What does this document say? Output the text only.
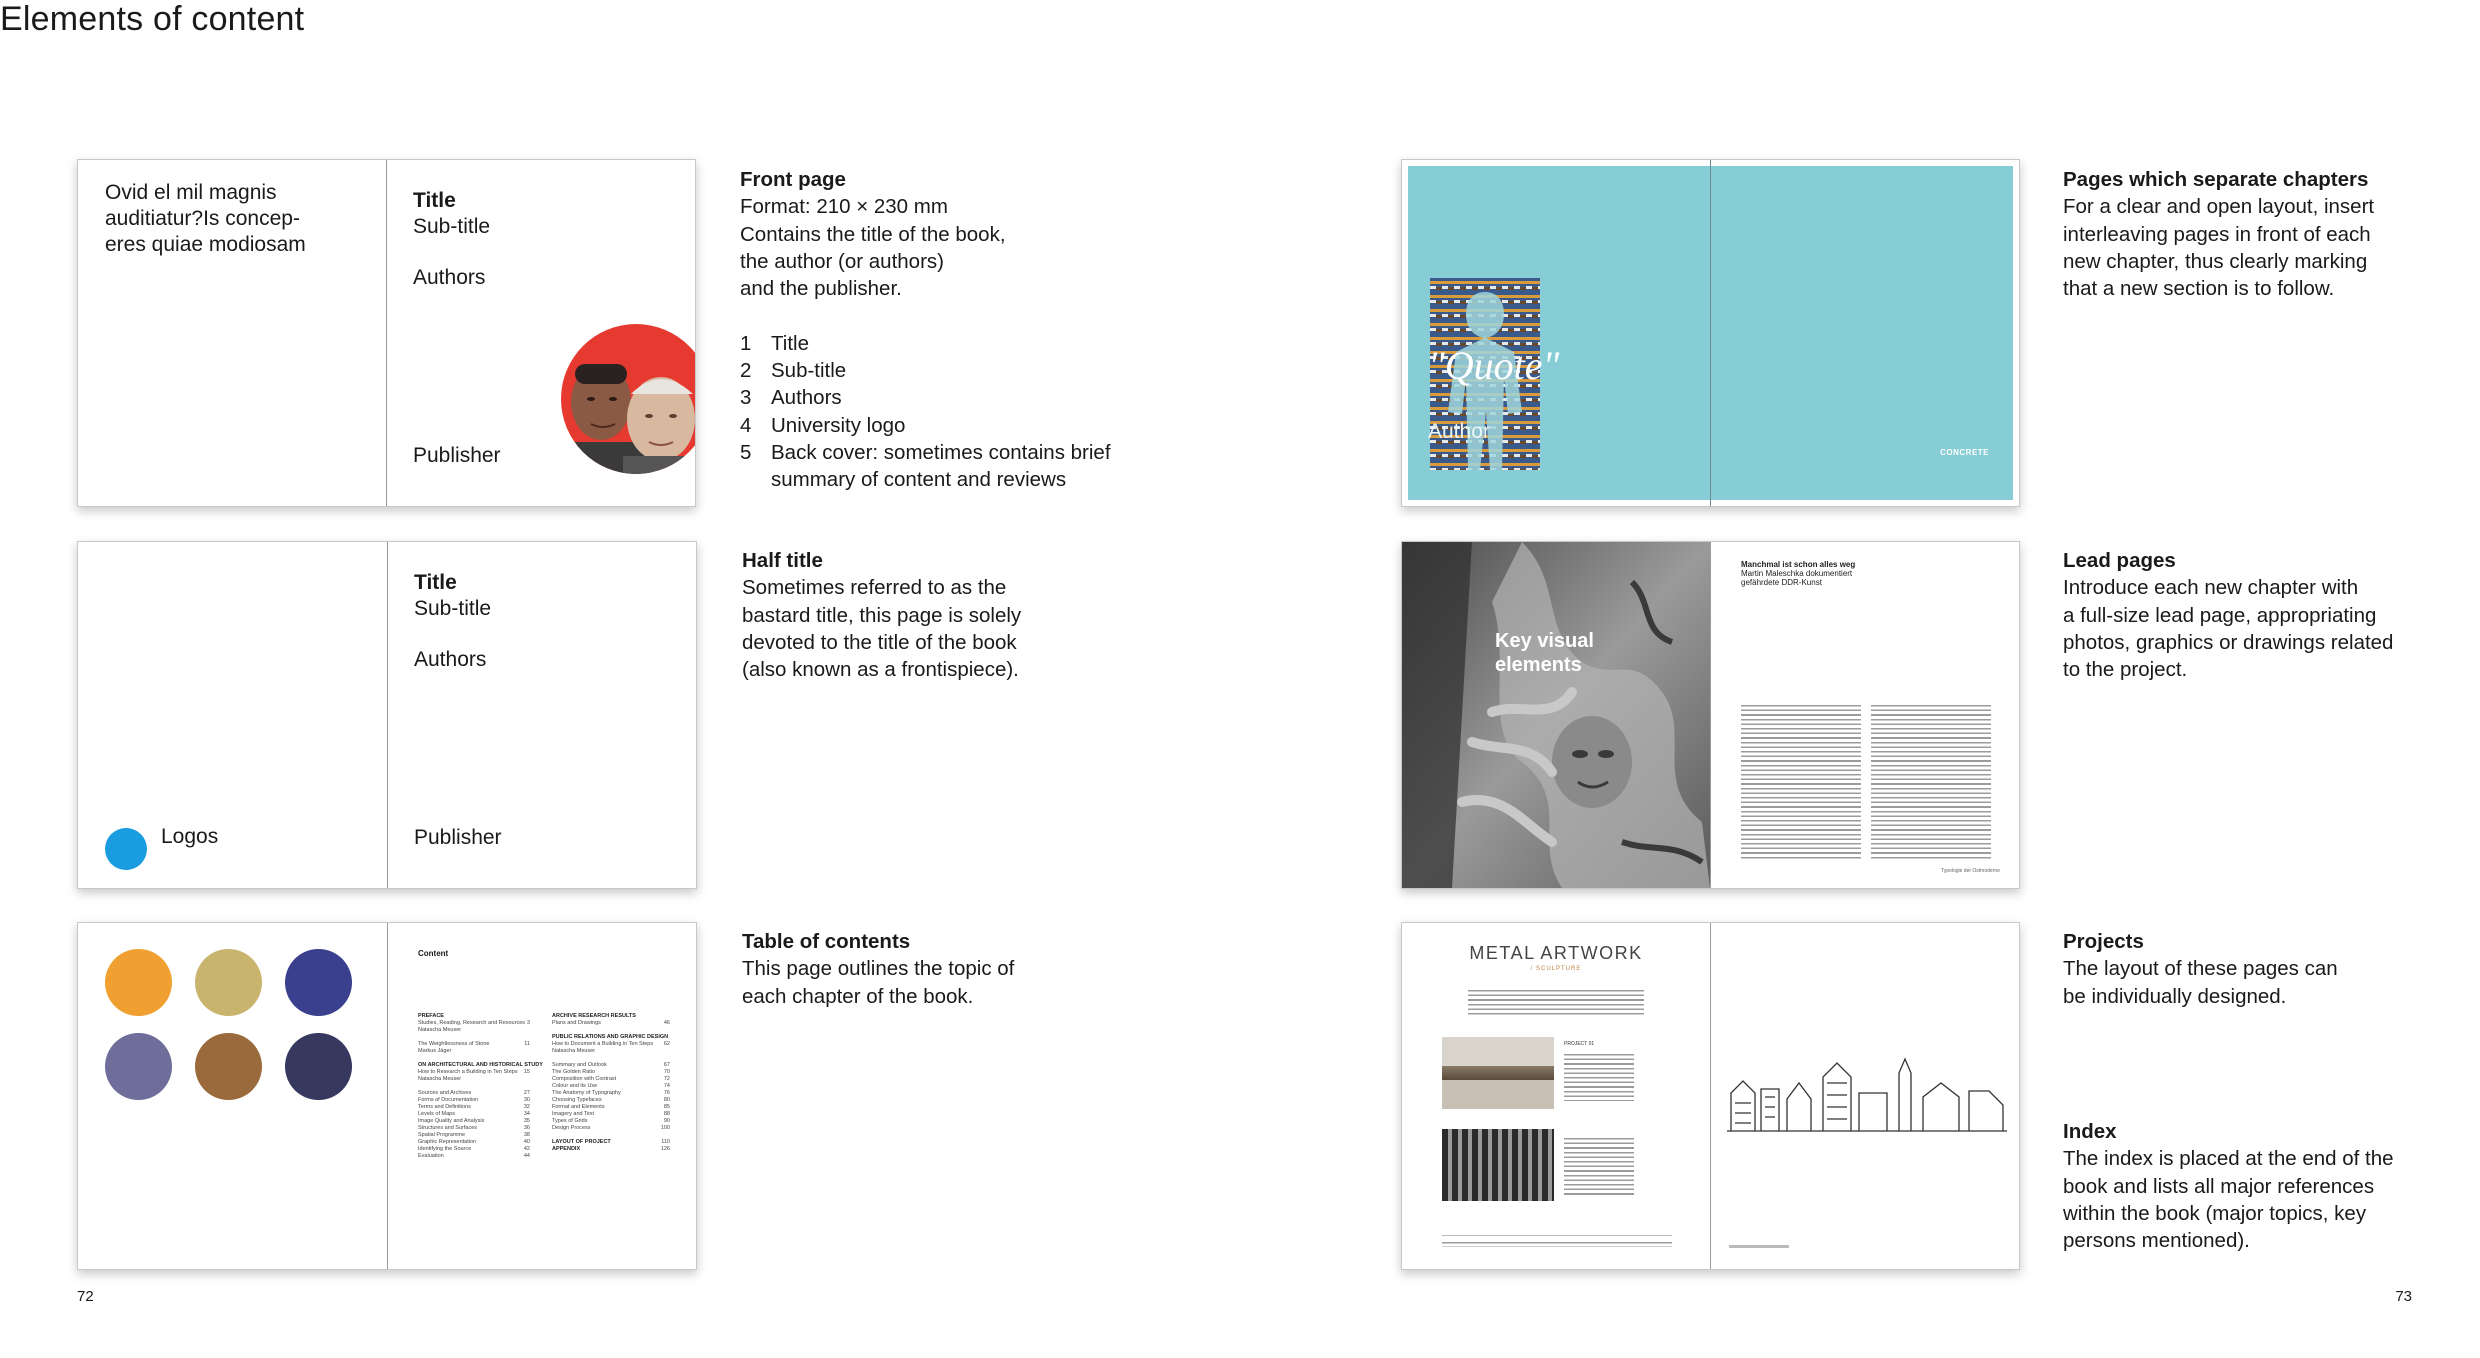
Elements of content
Ovid el mil magnis
auditiatur?Is concep-
eres quiae modiosam
Title
Sub-title
Authors
Publisher

Front page

Format: 210 × 230 mm

Contains the title of the book,

the author (or authors)

and the publisher.

1 Title
2 Sub-title
3 Authors
4 University logo
5 Back cover: sometimes contains brief summary of content and reviews
Logos
Title
Sub-title
Authors
Publisher

Half title

Sometimes referred to as the

bastard title, this page is solely

devoted to the title of the book

(also known as a frontispiece).

Content
PREFACE
Studies, Reading, Research and Resources 3
Natascha Meuser
The Weightlessness of Stone	11
Markus Jäger
ON ARCHITECTURAL AND HISTORICAL STUDY
How to Research a Building in Ten Steps 15
Natascha Meuser
Sources and Archives	27
Forms of Documentation	30
Terms and Definitions	32
Levels of Maps	34
Image Quality and Analysis	35
Structures and Surfaces	36
Spatial Programme	38
Graphic Representation	40
Identifying the Source	42
Evaluation	44
ARCHIVE RESEARCH RESULTS
Plans and Drawings	46
PUBLIC RELATIONS AND GRAPHIC DESIGN
How to Document a Building in Ten Steps 62
Natascha Meuser
Summary and Outlook	67
The Golden Ratio	70
Composition with Contrast	72
Colour and its Use	74
The Anatomy of Typography	76
Choosing Typefaces	80
Format and Elements	85
Imagery and Text	88
Types of Grids	90
Design Process	100
LAYOUT OF PROJECT	110
APPENDIX	126

Table of contents

This page outlines the topic of

each chapter of the book.

"Quote"
Author
CONCRETE

Pages which separate chapters

For a clear and open layout, insert

interleaving pages in front of each

new chapter, thus clearly marking

that a new section is to follow.

Key visual
elements
Manchmal ist schon alles weg
Martin Maleschka dokumentiert
gefährdete DDR-Kunst
Typologie der Ostmoderne

Lead pages

Introduce each new chapter with

a full-size lead page, appropriating

photos, graphics or drawings related

to the project.

METAL ARTWORK
/ SCULPTURE
PROJECT 01

Projects

The layout of these pages can

be individually designed.

Index

The index is placed at the end of the

book and lists all major references

within the book (major topics, key

persons mentioned).

72	73
